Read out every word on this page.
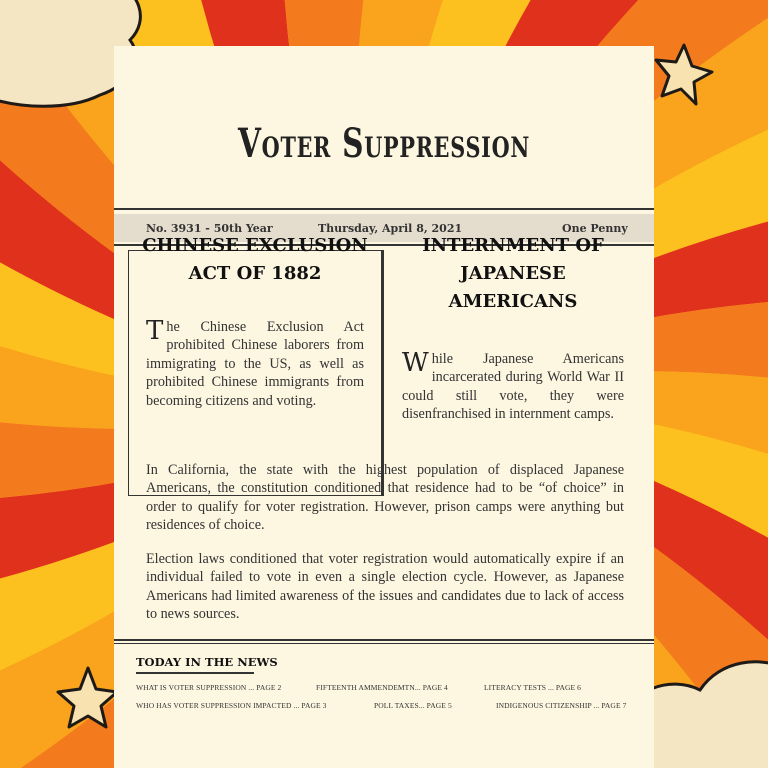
Voter Suppression
No. 3931 - 50th Year	Thursday, April 8, 2021	One Penny
CHINESE EXCLUSION
ACT OF 1882
The Chinese Exclusion Act prohibited Chinese laborers from immigrating to the US, as well as prohibited Chinese immigrants from becoming citizens and voting.
INTERNMENT OF
JAPANESE
AMERICANS
While Japanese Americans incarcerated during World War II could still vote, they were disenfranchised in internment camps.
In California, the state with the highest population of displaced Japanese Americans, the constitution conditioned that residence had to be “of choice” in order to qualify for voter registration. However, prison camps were anything but residences of choice.
Election laws conditioned that voter registration would automatically expire if an individual failed to vote in even a single election cycle. However, as Japanese Americans had limited awareness of the issues and candidates due to lack of access to news sources.
TODAY IN THE NEWS
WHAT IS VOTER SUPPRESSION ... PAGE 2	FIFTEENTH AMMENDEMTN... PAGE 4	LITERACY TESTS ... PAGE 6
WHO HAS VOTER SUPPRESSION IMPACTED ... PAGE 3	POLL TAXES... PAGE 5	INDIGENOUS CITIZENSHIP ... PAGE 7
